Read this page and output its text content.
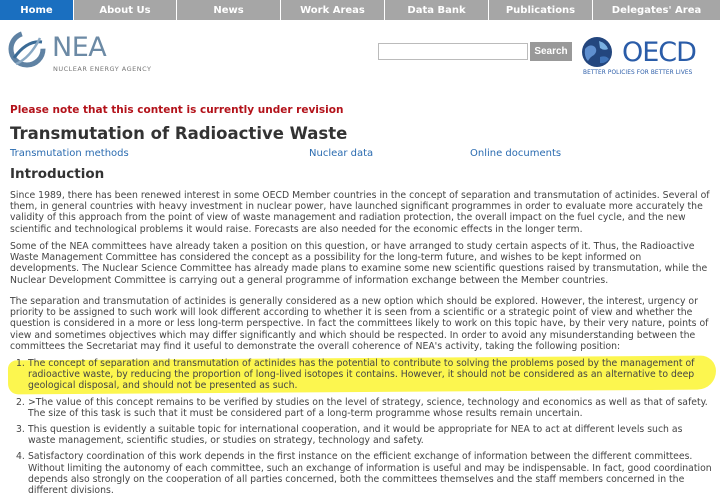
Home	About Us	News	Work Areas	Data Bank	Publications	Delegates' Area
NEA
NUCLEAR ENERGY AGENCY
Search OECD
BETTER POLICIES FOR BETTER LIVES
Please note that this content is currently under revision
Transmutation of Radioactive Waste
Transmutation methods	Nuclear data	Online documents
Introduction

Since 1989, there has been renewed interest in some OECD Member countries in the concept of separation and transmutation of actinides. Several of them, in general countries with heavy investment in nuclear power, have launched significant programmes in order to evaluate more accurately the validity of this approach from the point of view of waste management and radiation protection, the overall impact on the fuel cycle, and the new scientific and technological problems it would raise. Forecasts are also needed for the economic effects in the longer term.

Some of the NEA committees have already taken a position on this question, or have arranged to study certain aspects of it. Thus, the Radioactive Waste Management Committee has considered the concept as a possibility for the long-term future, and wishes to be kept informed on developments. The Nuclear Science Committee has already made plans to examine some new scientific questions raised by transmutation, while the Nuclear Development Committee is carrying out a general programme of information exchange between the Member countries.

The separation and transmutation of actinides is generally considered as a new option which should be explored. However, the interest, urgency or priority to be assigned to such work will look different according to whether it is seen from a scientific or a strategic point of view and whether the question is considered in a more or less long-term perspective. In fact the committees likely to work on this topic have, by their very nature, points of view and sometimes objectives which may differ significantly and which should be respected. In order to avoid any misunderstanding between the committees the Secretariat may find it useful to demonstrate the overall coherence of NEA's activity, taking the following position:

1. The concept of separation and transmutation of actinides has the potential to contribute to solving the problems posed by the management of radioactive waste, by reducing the proportion of long-lived isotopes it contains. However, it should not be considered as an alternative to deep geological disposal, and should not be presented as such.
2. >The value of this concept remains to be verified by studies on the level of strategy, science, technology and economics as well as that of safety. The size of this task is such that it must be considered part of a long-term programme whose results remain uncertain.
3. This question is evidently a suitable topic for international cooperation, and it would be appropriate for NEA to act at different levels such as waste management, scientific studies, or studies on strategy, technology and safety.
4. Satisfactory coordination of this work depends in the first instance on the efficient exchange of information between the different committees. Without limiting the autonomy of each committee, such an exchange of information is useful and may be indispensable. In fact, good coordination depends also strongly on the cooperation of all parties concerned, both the committees themselves and the staff members concerned in the different divisions.
